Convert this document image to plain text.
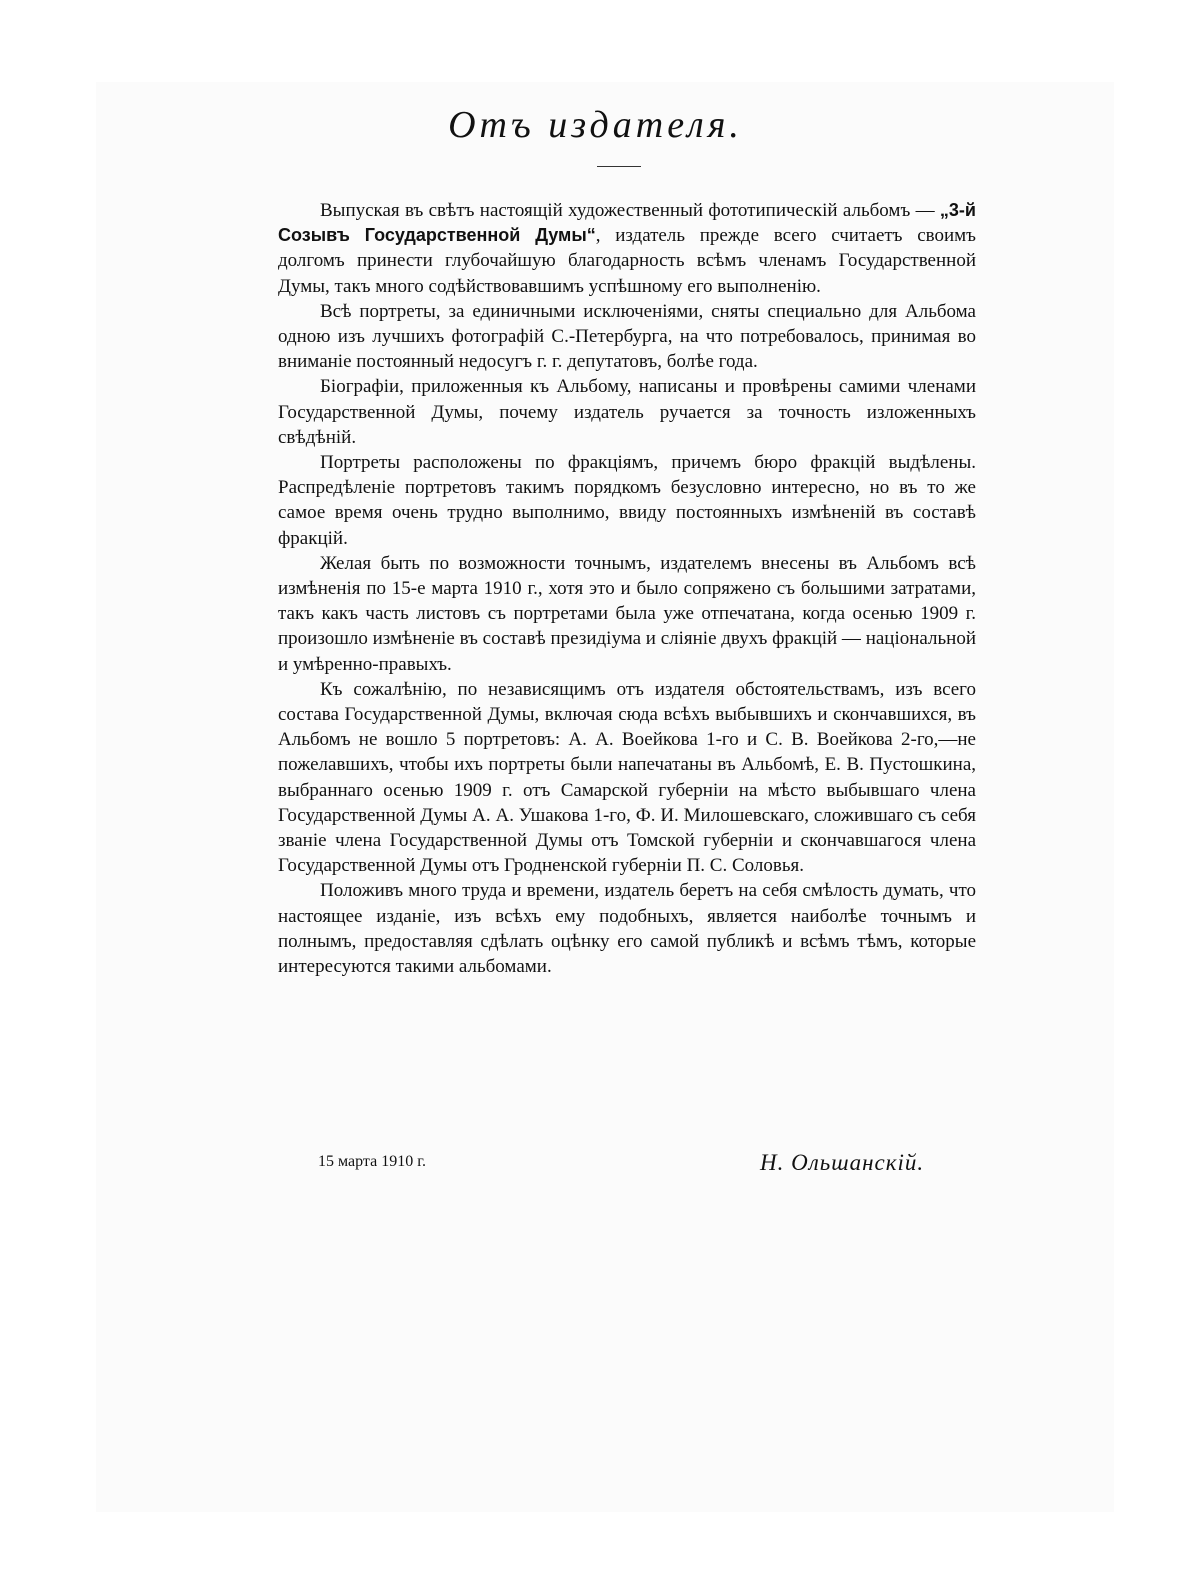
Отъ издателя.

Выпуская въ свѣтъ настоящій художественный фототипическій альбомъ — „3-й Созывъ Государственной Думы“, издатель прежде всего считаетъ своимъ долгомъ принести глубочайшую благодарность всѣмъ членамъ Государственной Думы, такъ много содѣйствовавшимъ успѣшному его выполненію.

Всѣ портреты, за единичными исключеніями, сняты специально для Альбома одною изъ лучшихъ фотографій С.-Петербурга, на что потребовалось, принимая во вниманіе постоянный недосугъ г. г. депутатовъ, болѣе года.

Біографіи, приложенныя къ Альбому, написаны и провѣрены самими членами Государственной Думы, почему издатель ручается за точность изложенныхъ свѣдѣній.

Портреты расположены по фракціямъ, причемъ бюро фракцій выдѣлены. Распредѣленіе портретовъ такимъ порядкомъ безусловно интересно, но въ то же самое время очень трудно выполнимо, ввиду постоянныхъ измѣненій въ составѣ фракцій.

Желая быть по возможности точнымъ, издателемъ внесены въ Альбомъ всѣ измѣненія по 15-е марта 1910 г., хотя это и было сопряжено съ большими затратами, такъ какъ часть листовъ съ портретами была уже отпечатана, когда осенью 1909 г. произошло измѣненіе въ составѣ президіума и сліяніе двухъ фракцій — національной и умѣренно-правыхъ.

Къ сожалѣнію, по независящимъ отъ издателя обстоятельствамъ, изъ всего состава Государственной Думы, включая сюда всѣхъ выбывшихъ и скончавшихся, въ Альбомъ не вошло 5 портретовъ: А. А. Воейкова 1-го и С. В. Воейкова 2-го,—не пожелавшихъ, чтобы ихъ портреты были напечатаны въ Альбомѣ, Е. В. Пустошкина, выбраннаго осенью 1909 г. отъ Самарской губерніи на мѣсто выбывшаго члена Государственной Думы А. А. Ушакова 1-го, Ф. И. Милошевскаго, сложившаго съ себя званіе члена Государственной Думы отъ Томской губерніи и скончавшагося члена Государственной Думы отъ Гродненской губерніи П. С. Соловья.

Положивъ много труда и времени, издатель беретъ на себя смѣлость думать, что настоящее изданіе, изъ всѣхъ ему подобныхъ, является наиболѣе точнымъ и полнымъ, предоставляя сдѣлать оцѣнку его самой публикѣ и всѣмъ тѣмъ, которые интересуются такими альбомами.

15 марта 1910 г.	Н. Ольшанскій.
